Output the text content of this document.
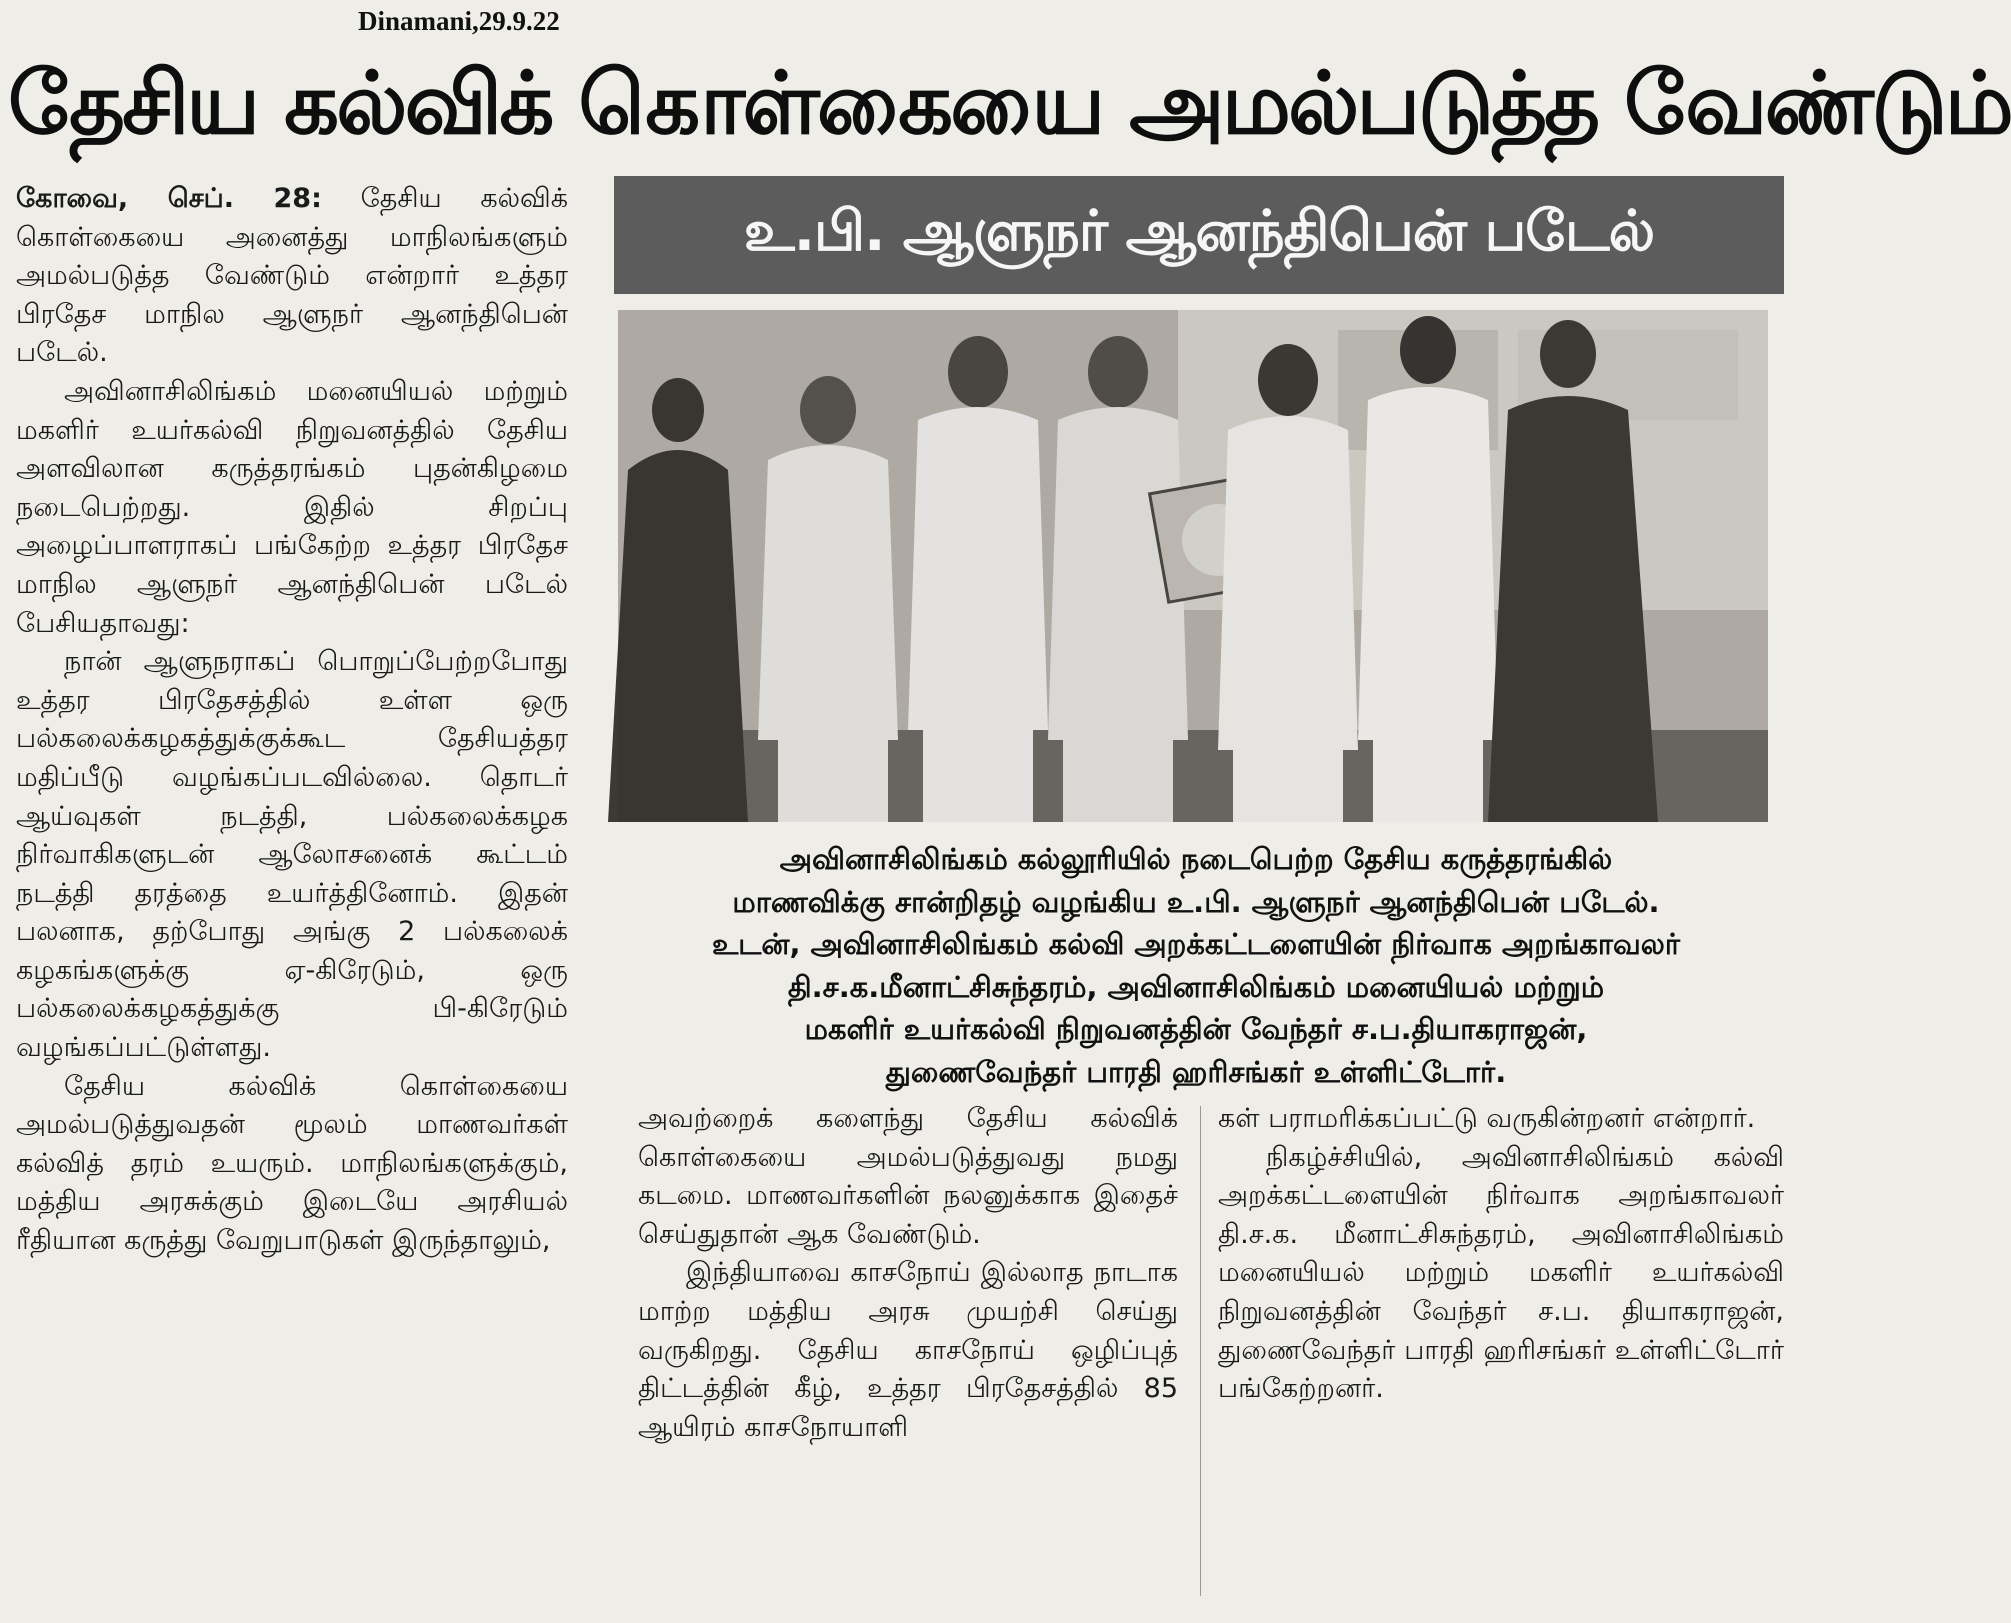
Dinamani,29.9.22
தேசிய கல்விக் கொள்கையை அமல்படுத்த வேண்டும்

கோவை, செப். 28: தேசிய கல்விக் கொள்கையை அனைத்து மாநிலங்களும் அமல்படுத்த வேண்டும் என்றார் உத்தர பிரதேச மாநில ஆளுநர் ஆனந்திபென் படேல்.

அவினாசிலிங்கம் மனையியல் மற்றும் மகளிர் உயர்கல்வி நிறுவனத்தில் தேசிய அளவிலான கருத்தரங்கம் புதன்கிழமை நடைபெற்றது. இதில் சிறப்பு அழைப்பாளராகப் பங்கேற்ற உத்தர பிரதேச மாநில ஆளுநர் ஆனந்திபென் படேல் பேசியதாவது:

நான் ஆளுநராகப் பொறுப்பேற்றபோது உத்தர பிரதேசத்தில் உள்ள ஒரு பல்கலைக்கழகத்துக்குக்கூட தேசியத்தர மதிப்பீடு வழங்கப்படவில்லை. தொடர் ஆய்வுகள் நடத்தி, பல்கலைக்கழக நிர்வாகிகளுடன் ஆலோசனைக் கூட்டம் நடத்தி தரத்தை உயர்த்தினோம். இதன் பலனாக, தற்போது அங்கு 2 பல்கலைக் கழகங்களுக்கு ஏ-கிரேடும், ஒரு பல்கலைக்கழகத்துக்கு பி-கிரேடும் வழங்கப்பட்டுள்ளது.

தேசிய கல்விக் கொள்கையை அமல்படுத்துவதன் மூலம் மாணவர்கள் கல்வித் தரம் உயரும். மாநிலங்களுக்கும், மத்திய அரசுக்கும் இடையே அரசியல் ரீதியான கருத்து வேறுபாடுகள் இருந்தாலும்,

உ.பி. ஆளுநர் ஆனந்திபென் படேல்
அவினாசிலிங்கம் கல்லூரியில் நடைபெற்ற தேசிய கருத்தரங்கில்
மாணவிக்கு சான்றிதழ் வழங்கிய உ.பி. ஆளுநர் ஆனந்திபென் படேல்.
உடன், அவினாசிலிங்கம் கல்வி அறக்கட்டளையின் நிர்வாக அறங்காவலர்
தி.ச.க.மீனாட்சிசுந்தரம், அவினாசிலிங்கம் மனையியல் மற்றும்
மகளிர் உயர்கல்வி நிறுவனத்தின் வேந்தர் ச.ப.தியாகராஜன்,
துணைவேந்தர் பாரதி ஹரிசங்கர் உள்ளிட்டோர்.

அவற்றைக் களைந்து தேசிய கல்விக் கொள்கையை அமல்படுத்துவது நமது கடமை. மாணவர்களின் நலனுக்காக இதைச் செய்துதான் ஆக வேண்டும்.

இந்தியாவை காசநோய் இல்லாத நாடாக மாற்ற மத்திய அரசு முயற்சி செய்து வருகிறது. தேசிய காசநோய் ஒழிப்புத் திட்டத்தின் கீழ், உத்தர பிரதேசத்தில் 85 ஆயிரம் காசநோயாளி

கள் பராமரிக்கப்பட்டு வருகின்றனர் என்றார்.

நிகழ்ச்சியில், அவினாசிலிங்கம் கல்வி அறக்கட்டளையின் நிர்வாக அறங்காவலர் தி.ச.க. மீனாட்சிசுந்தரம், அவினாசிலிங்கம் மனையியல் மற்றும் மகளிர் உயர்கல்வி நிறுவனத்தின் வேந்தர் ச.ப. தியாகராஜன், துணைவேந்தர் பாரதி ஹரிசங்கர் உள்ளிட்டோர் பங்கேற்றனர்.
